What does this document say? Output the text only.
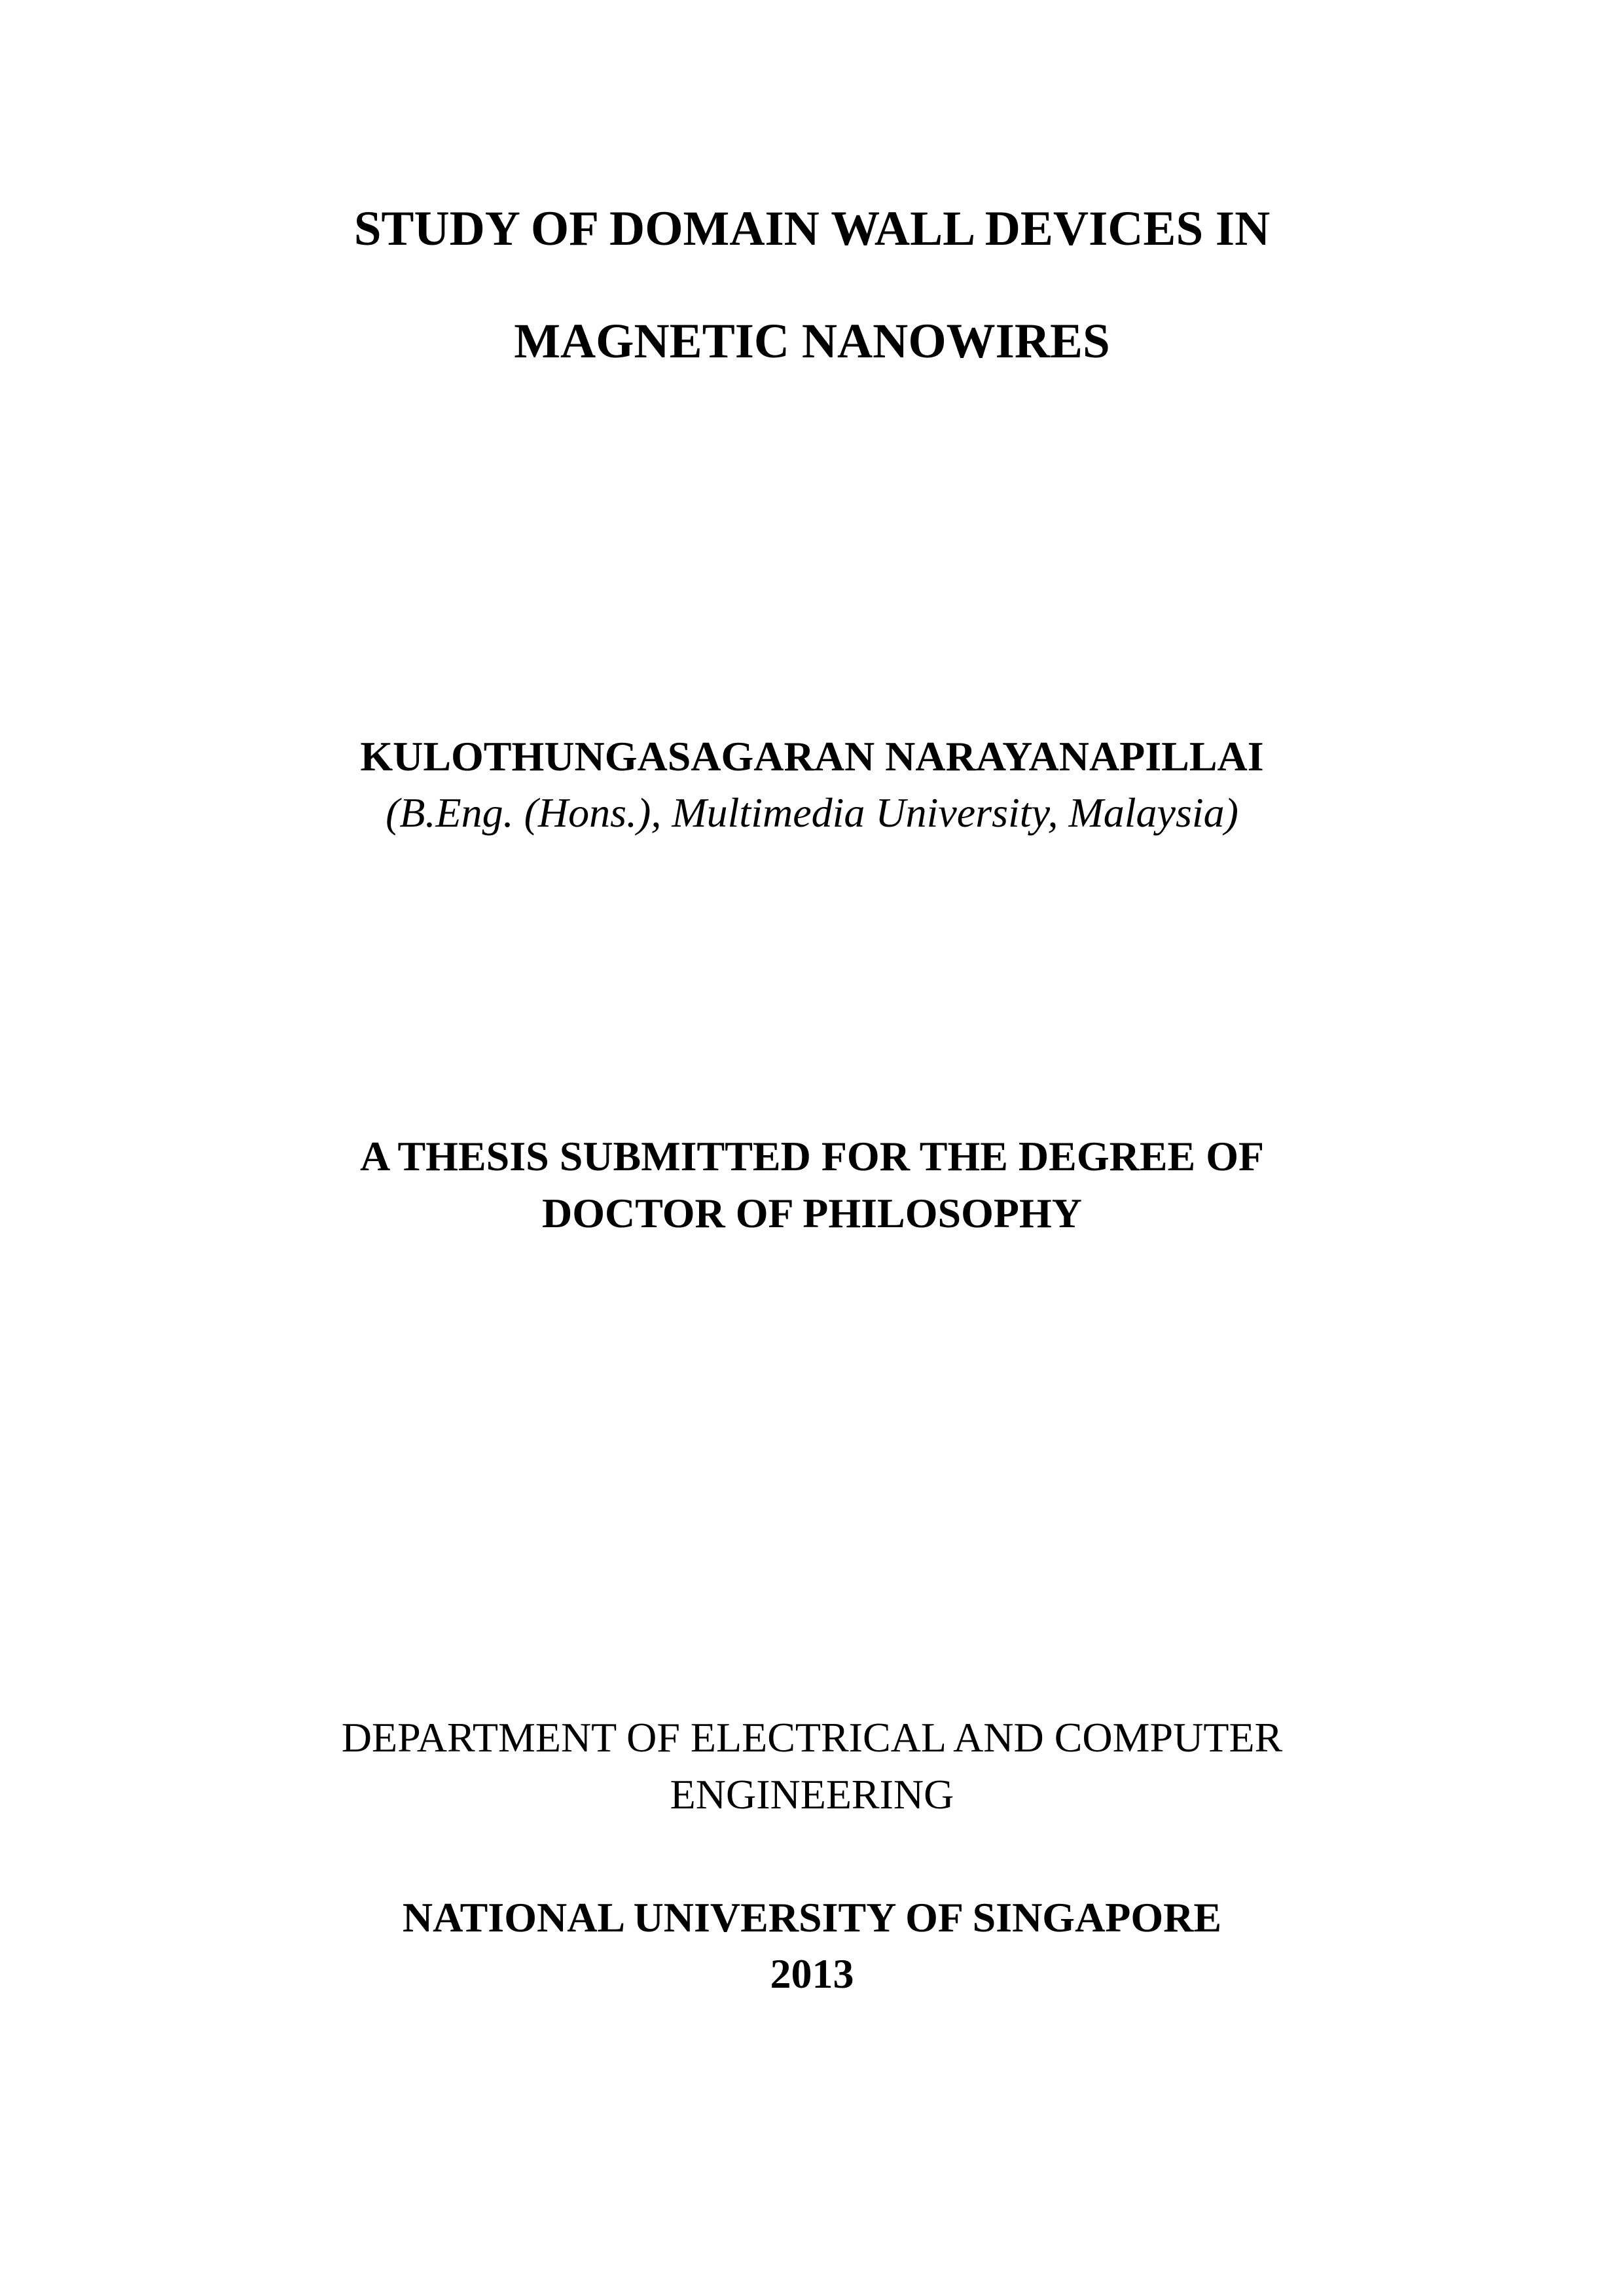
STUDY OF DOMAIN WALL DEVICES IN
MAGNETIC NANOWIRES
KULOTHUNGASAGARAN NARAYANAPILLAI
(B.Eng. (Hons.), Multimedia University, Malaysia)
A THESIS SUBMITTED FOR THE DEGREE OF
DOCTOR OF PHILOSOPHY
DEPARTMENT OF ELECTRICAL AND COMPUTER
ENGINEERING
NATIONAL UNIVERSITY OF SINGAPORE
2013
